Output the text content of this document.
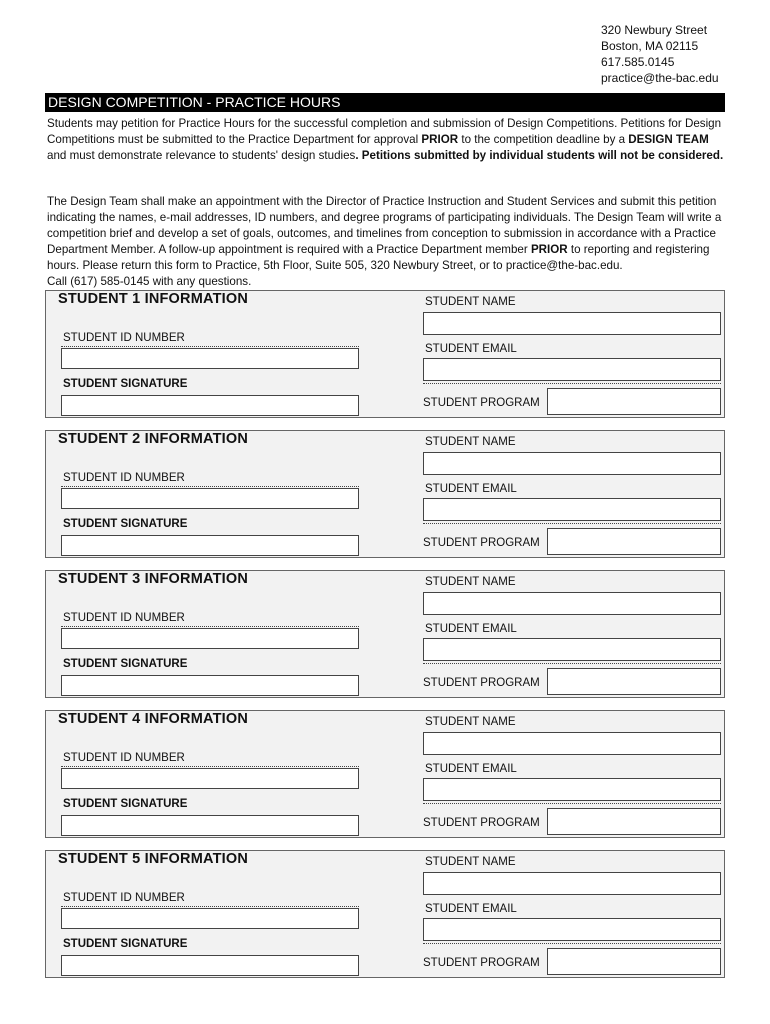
320 Newbury Street
Boston, MA 02115
617.585.0145
practice@the-bac.edu
DESIGN COMPETITION - PRACTICE HOURS
Students may petition for Practice Hours for the successful completion and submission of Design Competitions. Petitions for Design Competitions must be submitted to the Practice Department for approval PRIOR to the competition deadline by a DESIGN TEAM and must demonstrate relevance to students' design studies. Petitions submitted by individual students will not be considered.
The Design Team shall make an appointment with the Director of Practice Instruction and Student Services and submit this petition indicating the names, e-mail addresses, ID numbers, and degree programs of participating individuals. The Design Team will write a competition brief and develop a set of goals, outcomes, and timelines from conception to submission in accordance with a Practice Department Member. A follow-up appointment is required with a Practice Department member PRIOR to reporting and registering hours. Please return this form to Practice, 5th Floor, Suite 505, 320 Newbury Street, or to practice@the-bac.edu.
Call (617) 585-0145 with any questions.
STUDENT 1 INFORMATION
STUDENT ID NUMBER
STUDENT SIGNATURE
STUDENT NAME
STUDENT EMAIL
STUDENT PROGRAM
STUDENT 2 INFORMATION
STUDENT ID NUMBER
STUDENT SIGNATURE
STUDENT NAME
STUDENT EMAIL
STUDENT PROGRAM
STUDENT 3 INFORMATION
STUDENT ID NUMBER
STUDENT SIGNATURE
STUDENT NAME
STUDENT EMAIL
STUDENT PROGRAM
STUDENT 4 INFORMATION
STUDENT ID NUMBER
STUDENT SIGNATURE
STUDENT NAME
STUDENT EMAIL
STUDENT PROGRAM
STUDENT 5 INFORMATION
STUDENT ID NUMBER
STUDENT SIGNATURE
STUDENT NAME
STUDENT EMAIL
STUDENT PROGRAM
